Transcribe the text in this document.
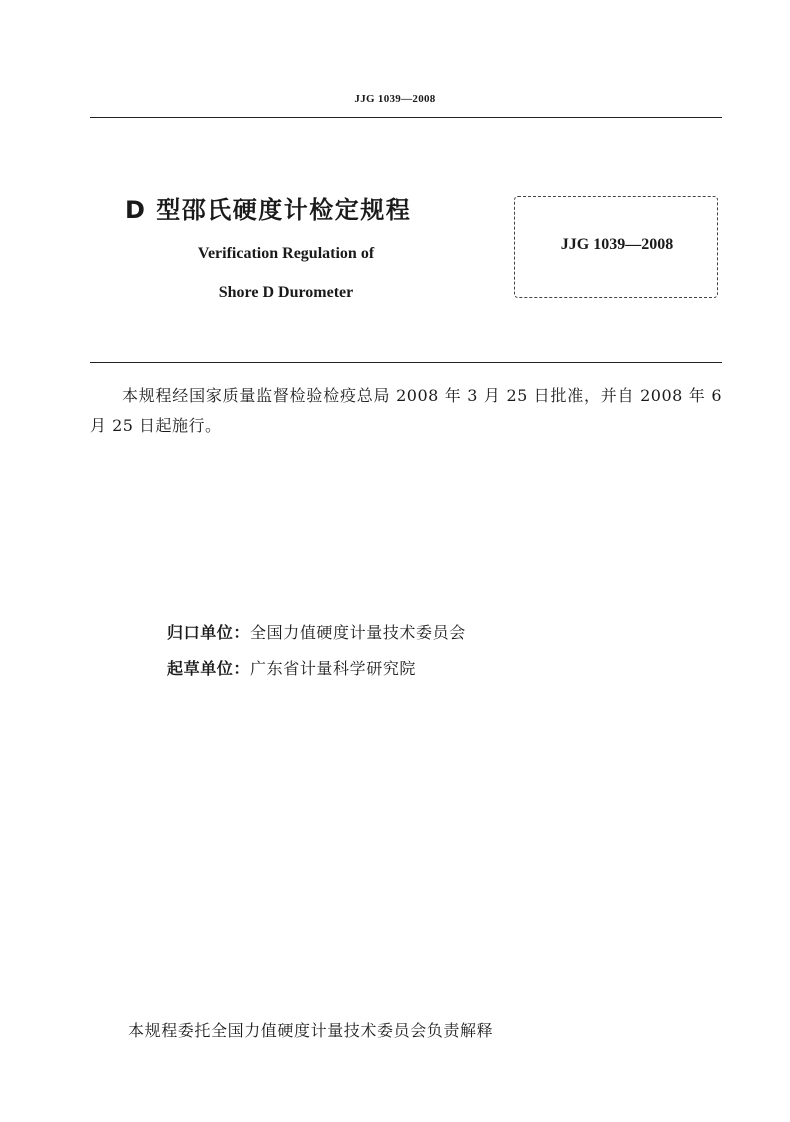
JJG 1039—2008
D 型邵氏硬度计检定规程
Verification Regulation of
Shore D Durometer
JJG 1039—2008
本规程经国家质量监督检验检疫总局 2008 年 3 月 25 日批准，并自 2008 年 6 月 25 日起施行。
归口单位：全国力值硬度计量技术委员会
起草单位：广东省计量科学研究院
本规程委托全国力值硬度计量技术委员会负责解释
